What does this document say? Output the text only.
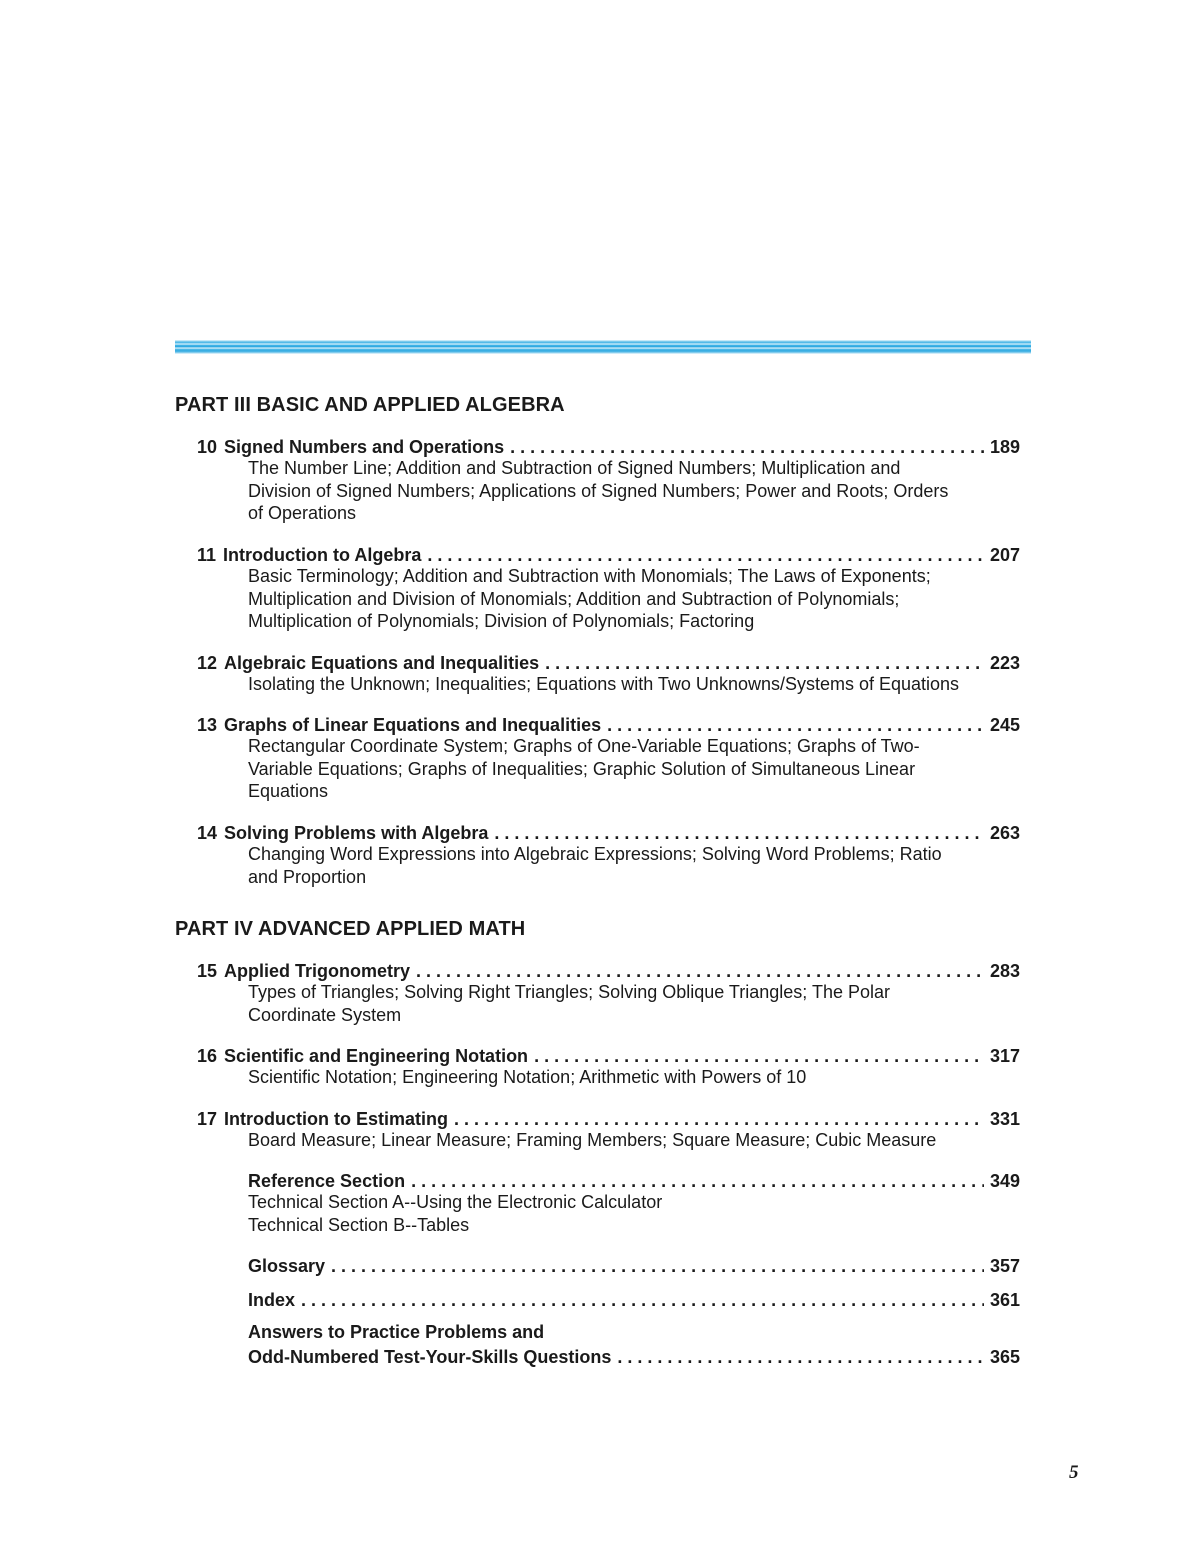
PART III BASIC AND APPLIED ALGEBRA
10 Signed Numbers and Operations . . .	189
The Number Line; Addition and Subtraction of Signed Numbers; Multiplication and
Division of Signed Numbers; Applications of Signed Numbers; Power and Roots; Orders
of Operations
11 Introduction to Algebra . . .	207
Basic Terminology; Addition and Subtraction with Monomials; The Laws of Exponents;
Multiplication and Division of Monomials; Addition and Subtraction of Polynomials;
Multiplication of Polynomials; Division of Polynomials; Factoring
12 Algebraic Equations and Inequalities . . .	223
Isolating the Unknown; Inequalities; Equations with Two Unknowns/Systems of Equations
13 Graphs of Linear Equations and Inequalities . . .	245
Rectangular Coordinate System; Graphs of One-Variable Equations; Graphs of Two-
Variable Equations; Graphs of Inequalities; Graphic Solution of Simultaneous Linear
Equations
14 Solving Problems with Algebra . . .	263
Changing Word Expressions into Algebraic Expressions; Solving Word Problems; Ratio
and Proportion
PART IV ADVANCED APPLIED MATH
15 Applied Trigonometry . . .	283
Types of Triangles; Solving Right Triangles; Solving Oblique Triangles; The Polar
Coordinate System
16 Scientific and Engineering Notation . . .	317
Scientific Notation; Engineering Notation; Arithmetic with Powers of 10
17 Introduction to Estimating . . .	331
Board Measure; Linear Measure; Framing Members; Square Measure; Cubic Measure
Reference Section . . .	349
Technical Section A--Using the Electronic Calculator
Technical Section B--Tables
Glossary . . .	357
Index . . .	361
Answers to Practice Problems and
Odd-Numbered Test-Your-Skills Questions . . .	365
5
